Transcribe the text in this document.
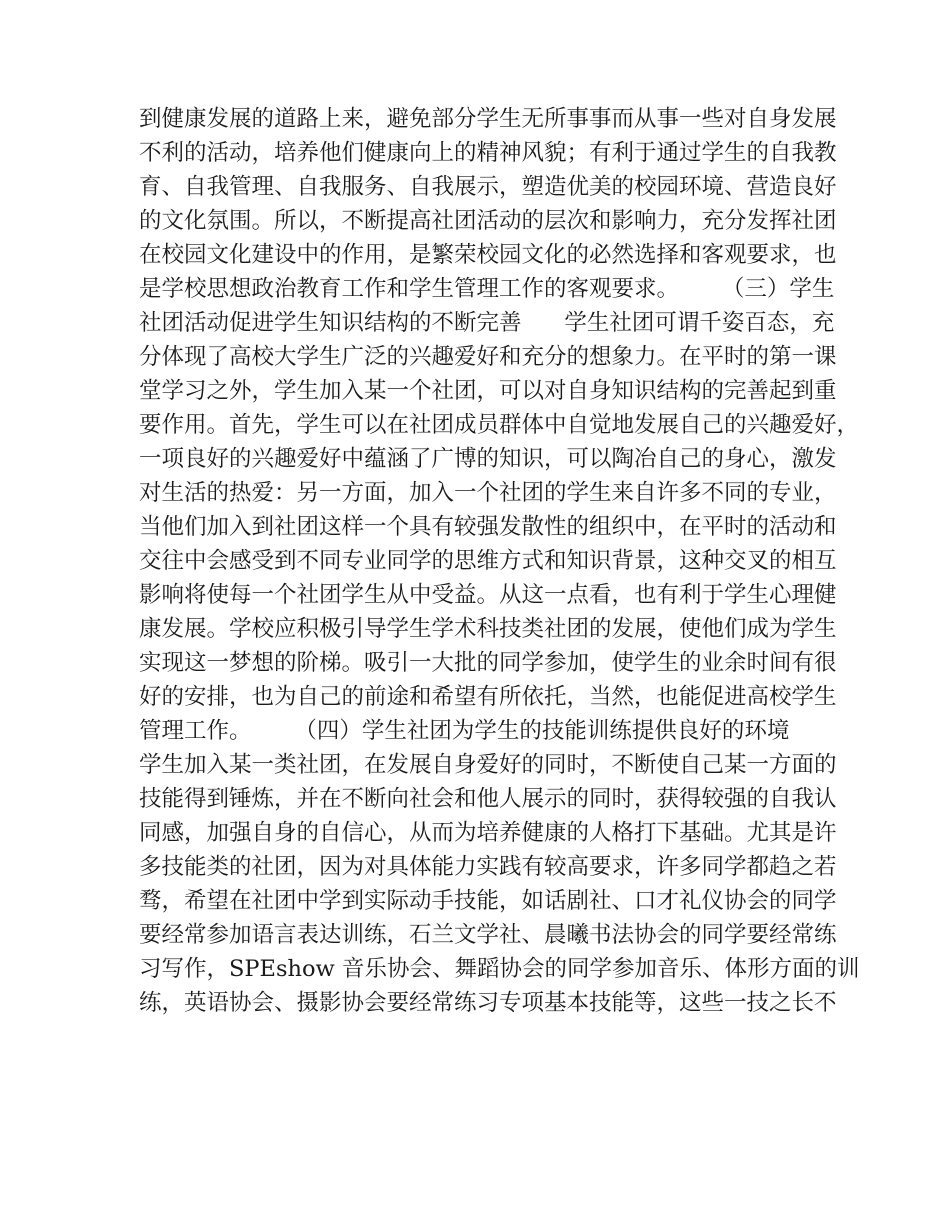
到健康发展的道路上来，避免部分学生无所事事而从事一些对自身发展

不利的活动，培养他们健康向上的精神风貌；有利于通过学生的自我教

育、自我管理、自我服务、自我展示，塑造优美的校园环境、营造良好

的文化氛围。所以，不断提高社团活动的层次和影响力，充分发挥社团

在校园文化建设中的作用，是繁荣校园文化的必然选择和客观要求，也

是学校思想政治教育工作和学生管理工作的客观要求。      （三）学生

社团活动促进学生知识结构的不断完善      学生社团可谓千姿百态，充

分体现了高校大学生广泛的兴趣爱好和充分的想象力。在平时的第一课

堂学习之外，学生加入某一个社团，可以对自身知识结构的完善起到重

要作用。首先，学生可以在社团成员群体中自觉地发展自己的兴趣爱好，

一项良好的兴趣爱好中蕴涵了广博的知识，可以陶冶自己的身心，激发

对生活的热爱：另一方面，加入一个社团的学生来自许多不同的专业，

当他们加入到社团这样一个具有较强发散性的组织中，在平时的活动和

交往中会感受到不同专业同学的思维方式和知识背景，这种交叉的相互

影响将使每一个社团学生从中受益。从这一点看，也有利于学生心理健

康发展。学校应积极引导学生学术科技类社团的发展，使他们成为学生

实现这一梦想的阶梯。吸引一大批的同学参加，使学生的业余时间有很

好的安排，也为自己的前途和希望有所依托，当然，也能促进高校学生

管理工作。      （四）学生社团为学生的技能训练提供良好的环境

学生加入某一类社团，在发展自身爱好的同时，不断使自己某一方面的

技能得到锤炼，并在不断向社会和他人展示的同时，获得较强的自我认

同感，加强自身的自信心，从而为培养健康的人格打下基础。尤其是许

多技能类的社团，因为对具体能力实践有较高要求，许多同学都趋之若

骛，希望在社团中学到实际动手技能，如话剧社、口才礼仪协会的同学

要经常参加语言表达训练，石兰文学社、晨曦书法协会的同学要经常练

习写作，SPEshow 音乐协会、舞蹈协会的同学参加音乐、体形方面的训

练，英语协会、摄影协会要经常练习专项基本技能等，这些一技之长不
